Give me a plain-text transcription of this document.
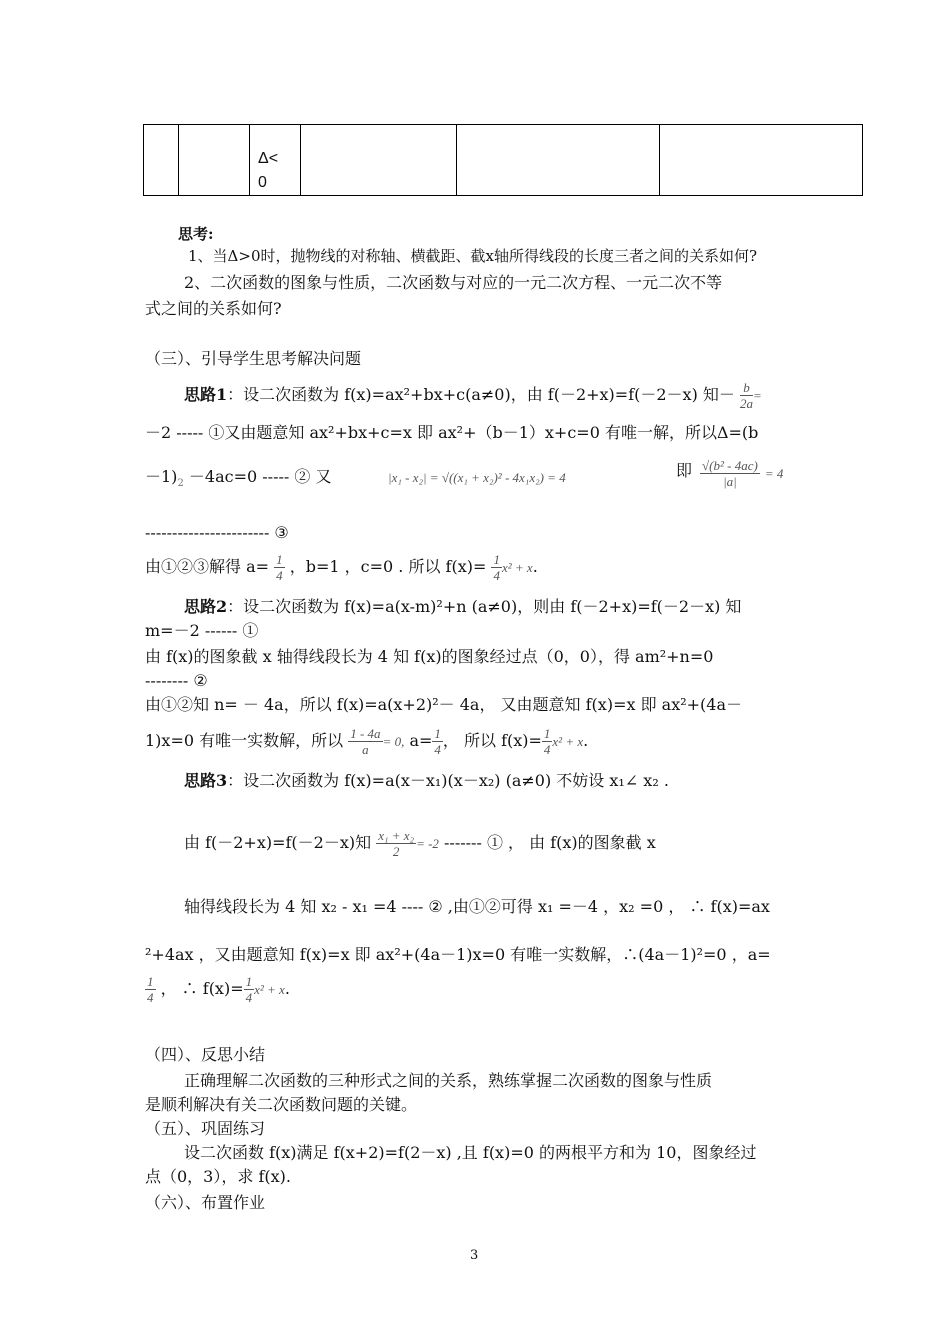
Δ<
0

思考:
1、当Δ>0时，抛物线的对称轴、横截距、截x轴所得线段的长度三者之间的关系如何?
2、二次函数的图象与性质，二次函数与对应的一元二次方程、一元二次不等
式之间的关系如何?
（三）、引导学生思考解决问题
思路1：设二次函数为 f(x)=ax²+bx+c(a≠0)，由 f(－2+x)=f(－2－x) 知－ $\frac{b}{2a}$ =
－2 ----- ①又由题意知 ax²+bx+c=x 即 ax²+（b－1）x+c=0 有唯一解，所以Δ=(b
$-1)_2 -4ac=0$ ----- ② 又	|x₁ - x₂| = √((x₁ + x₂)² - 4x₁x₂) = 4	即 $\frac{\text{√(b² - 4ac)}}{|a|} = 4$
----------------------- ③
由①②③解得 $a= \frac{1}{4}$ ，b=1 ，c=0 . 所以 $f(x)= \frac{1}{4} x^2 + x$.
思路2：设二次函数为 f(x)=a(x-m)²+n (a≠0)，则由 f(－2+x)=f(－2－x) 知
m=－2 ------ ①
由 f(x)的图象截 x 轴得线段长为 4 知 f(x)的图象经过点（0，0），得 am²+n=0
-------- ②
由①②知 n= － 4a，所以 f(x)=a(x+2)²－ 4a， 又由题意知 f(x)=x 即 ax²+(4a－
1)x=0 有唯一实数解，所以 $\frac{1 - 4a}{a} = 0$, $a= \frac{1}{4}$ ， 所以 $f(x)= \frac{1}{4} x^2 + x$.
思路3：设二次函数为 f(x)=a(x－x₁)(x－x₂) (a≠0) 不妨设 x₁∠ x₂ .
由 f(－2+x)=f(－2－x)知 $\frac{\text{x₁ + x₂}}{2} = -2$ ------- ① ， 由 f(x)的图象截 x
轴得线段长为 4 知 x₂ - x₁ =4 ---- ② ,由①②可得 x₁ =－4 ，x₂ =0 ， ∴ f(x)=ax
²+4ax ，又由题意知 f(x)=x 即 ax²+(4a－1)x=0 有唯一实数解，∴(4a－1)²=0 ，a=
$\frac{1}{4}$ ， ∴ $f(x)= \frac{1}{4} x^2 + x$.
（四）、反思小结
正确理解二次函数的三种形式之间的关系，熟练掌握二次函数的图象与性质
是顺利解决有关二次函数问题的关键。
（五）、巩固练习
设二次函数 f(x)满足 f(x+2)=f(2－x) ,且 f(x)=0 的两根平方和为 10，图象经过
点（0，3），求 f(x).
（六）、布置作业
3
